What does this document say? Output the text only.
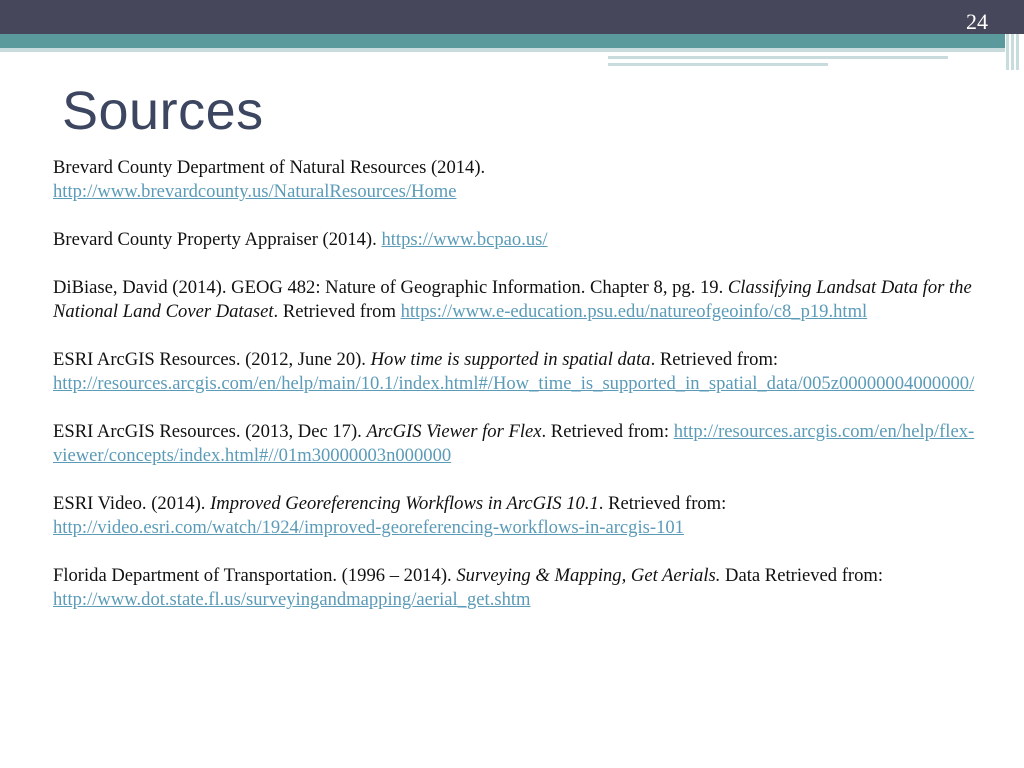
24
Sources

Brevard County Department of Natural Resources (2014).
http://www.brevardcounty.us/NaturalResources/Home

Brevard County Property Appraiser (2014). https://www.bcpao.us/

DiBiase, David (2014). GEOG 482: Nature of Geographic Information. Chapter 8, pg. 19. Classifying Landsat Data for the National Land Cover Dataset. Retrieved from https://www.e-education.psu.edu/natureofgeoinfo/c8_p19.html

ESRI ArcGIS Resources. (2012, June 20). How time is supported in spatial data. Retrieved from: http://resources.arcgis.com/en/help/main/10.1/index.html#/How_time_is_supported_in_spatial_data/005z00000004000000/

ESRI ArcGIS Resources. (2013, Dec 17). ArcGIS Viewer for Flex. Retrieved from: http://resources.arcgis.com/en/help/flex-viewer/concepts/index.html#//01m30000003n000000

ESRI Video. (2014). Improved Georeferencing Workflows in ArcGIS 10.1. Retrieved from: http://video.esri.com/watch/1924/improved-georeferencing-workflows-in-arcgis-101

Florida Department of Transportation. (1996 – 2014). Surveying & Mapping, Get Aerials. Data Retrieved from: http://www.dot.state.fl.us/surveyingandmapping/aerial_get.shtm
